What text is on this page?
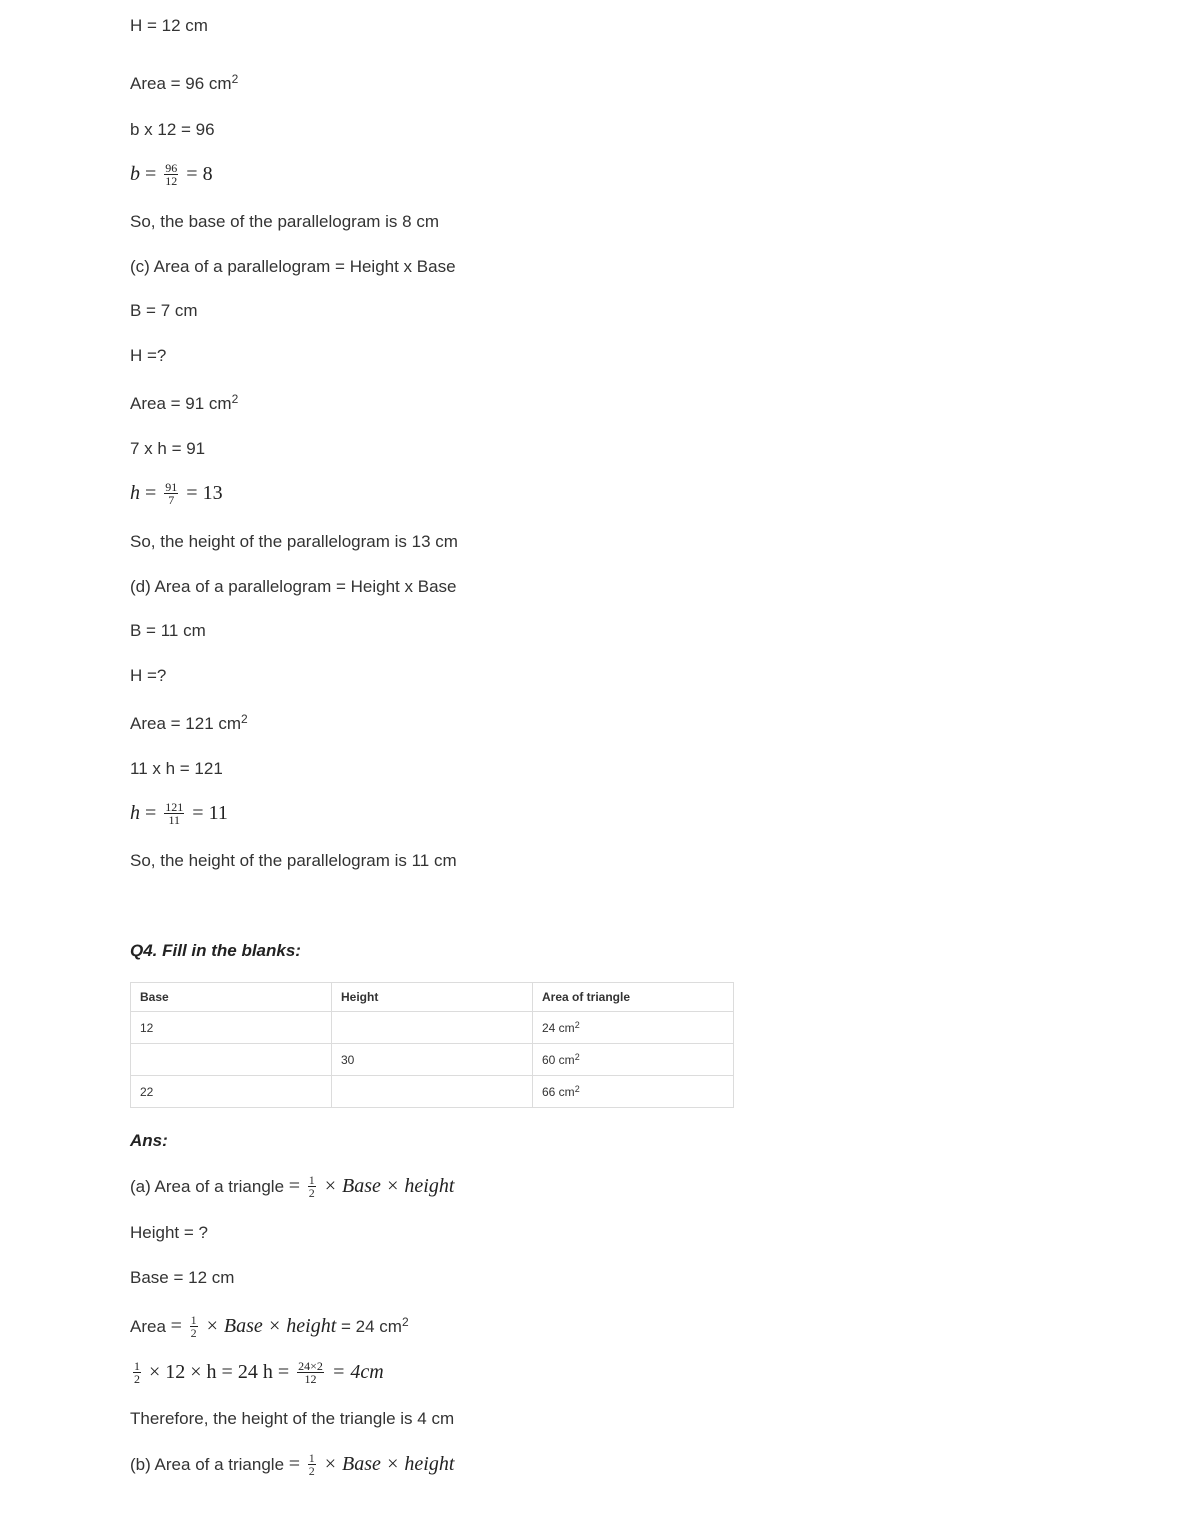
H = 12 cm
Area = 96 $cm^2$
b x 12 = 96
$b = \frac{96}{12} = 8$
So, the base of the parallelogram is 8 cm
(c) Area of a parallelogram = Height x Base
B = 7 cm
H =?
Area = 91 $cm^2$
7 x h = 91
$h = \frac{91}{7} = 13$
So, the height of the parallelogram is 13 cm
(d) Area of a parallelogram = Height x Base
B = 11 cm
H =?
Area = 121 $cm^2$
11 x h = 121
$h = \frac{121}{11} = 11$
So, the height of the parallelogram is 11 cm
Q4. Fill in the blanks:
Base	Height	Area of triangle
12		24 $cm^2$
	30	60 $cm^2$
22		66 $cm^2$
Ans:
(a) Area of a triangle = $\frac{1}{2}$ × Base × height
Height = ?
Base = 12 cm
Area = $\frac{1}{2}$ × Base × height = 24 $cm^2$
$\frac{1}{2} \times 12 \times h = 24$ $h = \frac{24\times 2}{12} = 4cm$
Therefore, the height of the triangle is 4 cm
(b) Area of a triangle = $\frac{1}{2}$ × Base × height
